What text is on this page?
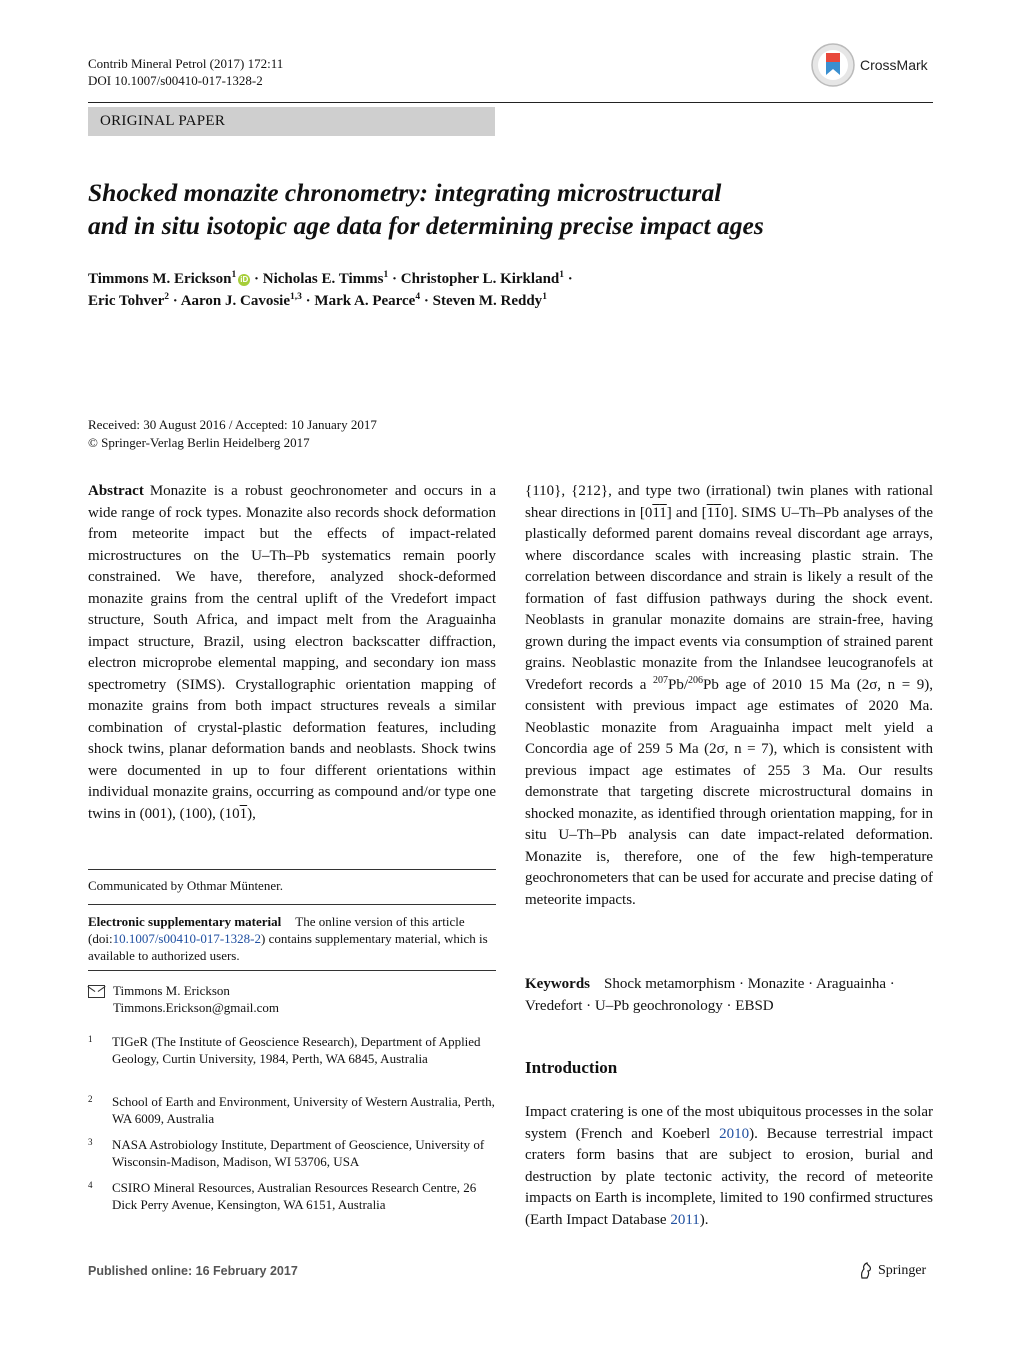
Contrib Mineral Petrol (2017) 172:11
DOI 10.1007/s00410-017-1328-2
CrossMark
ORIGINAL PAPER
Shocked monazite chronometry: integrating microstructural
and in situ isotopic age data for determining precise impact ages
Timmons M. Erickson$^1$ iD · Nicholas E. Timms$^1$ · Christopher L. Kirkland$^1$ ·
Eric Tohver$^2$ · Aaron J. Cavosie$^{1,3}$ · Mark A. Pearce$^4$ · Steven M. Reddy$^1$
Received: 30 August 2016 / Accepted: 10 January 2017
© Springer-Verlag Berlin Heidelberg 2017
Abstract Monazite is a robust geochronometer and occurs in a wide range of rock types. Monazite also records shock deformation from meteorite impact but the effects of impact-related microstructures on the U–Th–Pb systematics remain poorly constrained. We have, therefore, analyzed shock-deformed monazite grains from the central uplift of the Vredefort impact structure, South Africa, and impact melt from the Araguainha impact structure, Brazil, using electron backscatter diffraction, electron microprobe elemental mapping, and secondary ion mass spectrometry (SIMS). Crystallographic orientation mapping of monazite grains from both impact structures reveals a similar combination of crystal-plastic deformation features, including shock twins, planar deformation bands and neoblasts. Shock twins were documented in up to four different orientations within individual monazite grains, occurring as compound and/or type one twins in (001), (100), (101),
Communicated by Othmar Müntener.
Electronic supplementary material The online version of this article (doi:10.1007/s00410-017-1328-2) contains supplementary material, which is available to authorized users.
Timmons M. Erickson
Timmons.Erickson@gmail.com
1	TIGeR (The Institute of Geoscience Research), Department of Applied Geology, Curtin University, 1984, Perth, WA 6845, Australia
2	School of Earth and Environment, University of Western Australia, Perth, WA 6009, Australia
3	NASA Astrobiology Institute, Department of Geoscience, University of Wisconsin-Madison, Madison, WI 53706, USA
4	CSIRO Mineral Resources, Australian Resources Research Centre, 26 Dick Perry Avenue, Kensington, WA 6151, Australia
{110}, {212}, and type two (irrational) twin planes with rational shear directions in [011] and [110]. SIMS U–Th–Pb analyses of the plastically deformed parent domains reveal discordant age arrays, where discordance scales with increasing plastic strain. The correlation between discordance and strain is likely a result of the formation of fast diffusion pathways during the shock event. Neoblasts in granular monazite domains are strain-free, having grown during the impact events via consumption of strained parent grains. Neoblastic monazite from the Inlandsee leucogranofels at Vredefort records a $^{207}$Pb/$^{206}$Pb age of 2010 15 Ma (2σ, n = 9), consistent with previous impact age estimates of 2020 Ma. Neoblastic monazite from Araguainha impact melt yield a Concordia age of 259 5 Ma (2σ, n = 7), which is consistent with previous impact age estimates of 255 3 Ma. Our results demonstrate that targeting discrete microstructural domains in shocked monazite, as identified through orientation mapping, for in situ U–Th–Pb analysis can date impact-related deformation. Monazite is, therefore, one of the few high-temperature geochronometers that can be used for accurate and precise dating of meteorite impacts.
Keywords Shock metamorphism · Monazite · Araguainha · Vredefort · U–Pb geochronology · EBSD
Introduction
Impact cratering is one of the most ubiquitous processes in the solar system (French and Koeberl 2010). Because terrestrial impact craters form basins that are subject to erosion, burial and destruction by plate tectonic activity, the record of meteorite impacts on Earth is incomplete, limited to 190 confirmed structures (Earth Impact Database 2011).
Published online: 16 February 2017	Springer
